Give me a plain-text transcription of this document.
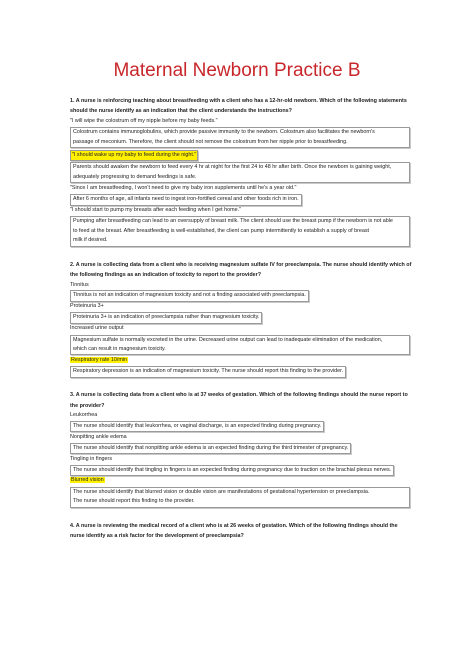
Maternal Newborn Practice B
1. A nurse is reinforcing teaching about breastfeeding with a client who has a 12-hr-old newborn. Which of the following statements
should the nurse identify as an indication that the client understands the instructions?
"I will wipe the colostrum off my nipple before my baby feeds."
Colostrum contains immunoglobulins, which provide passive immunity to the newborn. Colostrum also facilitates the newborn's
passage of meconium. Therefore, the client should not remove the colostrum from her nipple prior to breastfeeding.
"I should wake up my baby to feed during the night."
Parents should awaken the newborn to feed every 4 hr at night for the first 24 to 48 hr after birth. Once the newborn is gaining weight,
adequately progressing to demand feedings is safe.
"Since I am breastfeeding, I won't need to give my baby iron supplements until he's a year old."
After 6 months of age, all infants need to ingest iron-fortified cereal and other foods rich in iron.
"I should start to pump my breasts after each feeding when I get home."
Pumping after breastfeeding can lead to an oversupply of breast milk. The client should use the breast pump if the newborn is not able
to feed at the breast. After breastfeeding is well-established, the client can pump intermittently to establish a supply of breast
milk if desired.
2. A nurse is collecting data from a client who is receiving magnesium sulfate IV for preeclampsia. The nurse should identify which of
the following findings as an indication of toxicity to report to the provider?
Tinnitus
Tinnitus is not an indication of magnesium toxicity and not a finding associated with preeclampsia.
Proteinuria 3+
Proteinuria 3+ is an indication of preeclampsia rather than magnesium toxicity.
Increased urine output
Magnesium sulfate is normally excreted in the urine. Decreased urine output can lead to inadequate elimination of the medication,
which can result in magnesium toxicity.
Respiratory rate 10/min
Respiratory depression is an indication of magnesium toxicity. The nurse should report this finding to the provider.
3. A nurse is collecting data from a client who is at 37 weeks of gestation. Which of the following findings should the nurse report to
the provider?
Leukorrhea
The nurse should identify that leukorrhea, or vaginal discharge, is an expected finding during pregnancy.
Nonpitting ankle edema
The nurse should identify that nonpitting ankle edema is an expected finding during the third trimester of pregnancy.
Tingling in fingers
The nurse should identify that tingling in fingers is an expected finding during pregnancy due to traction on the brachial plexus nerves.
Blurred vision
The nurse should identify that blurred vision or double vision are manifestations of gestational hypertension or preeclampsia.
The nurse should report this finding to the provider.
4. A nurse is reviewing the medical record of a client who is at 26 weeks of gestation. Which of the following findings should the
nurse identify as a risk factor for the development of preeclampsia?
